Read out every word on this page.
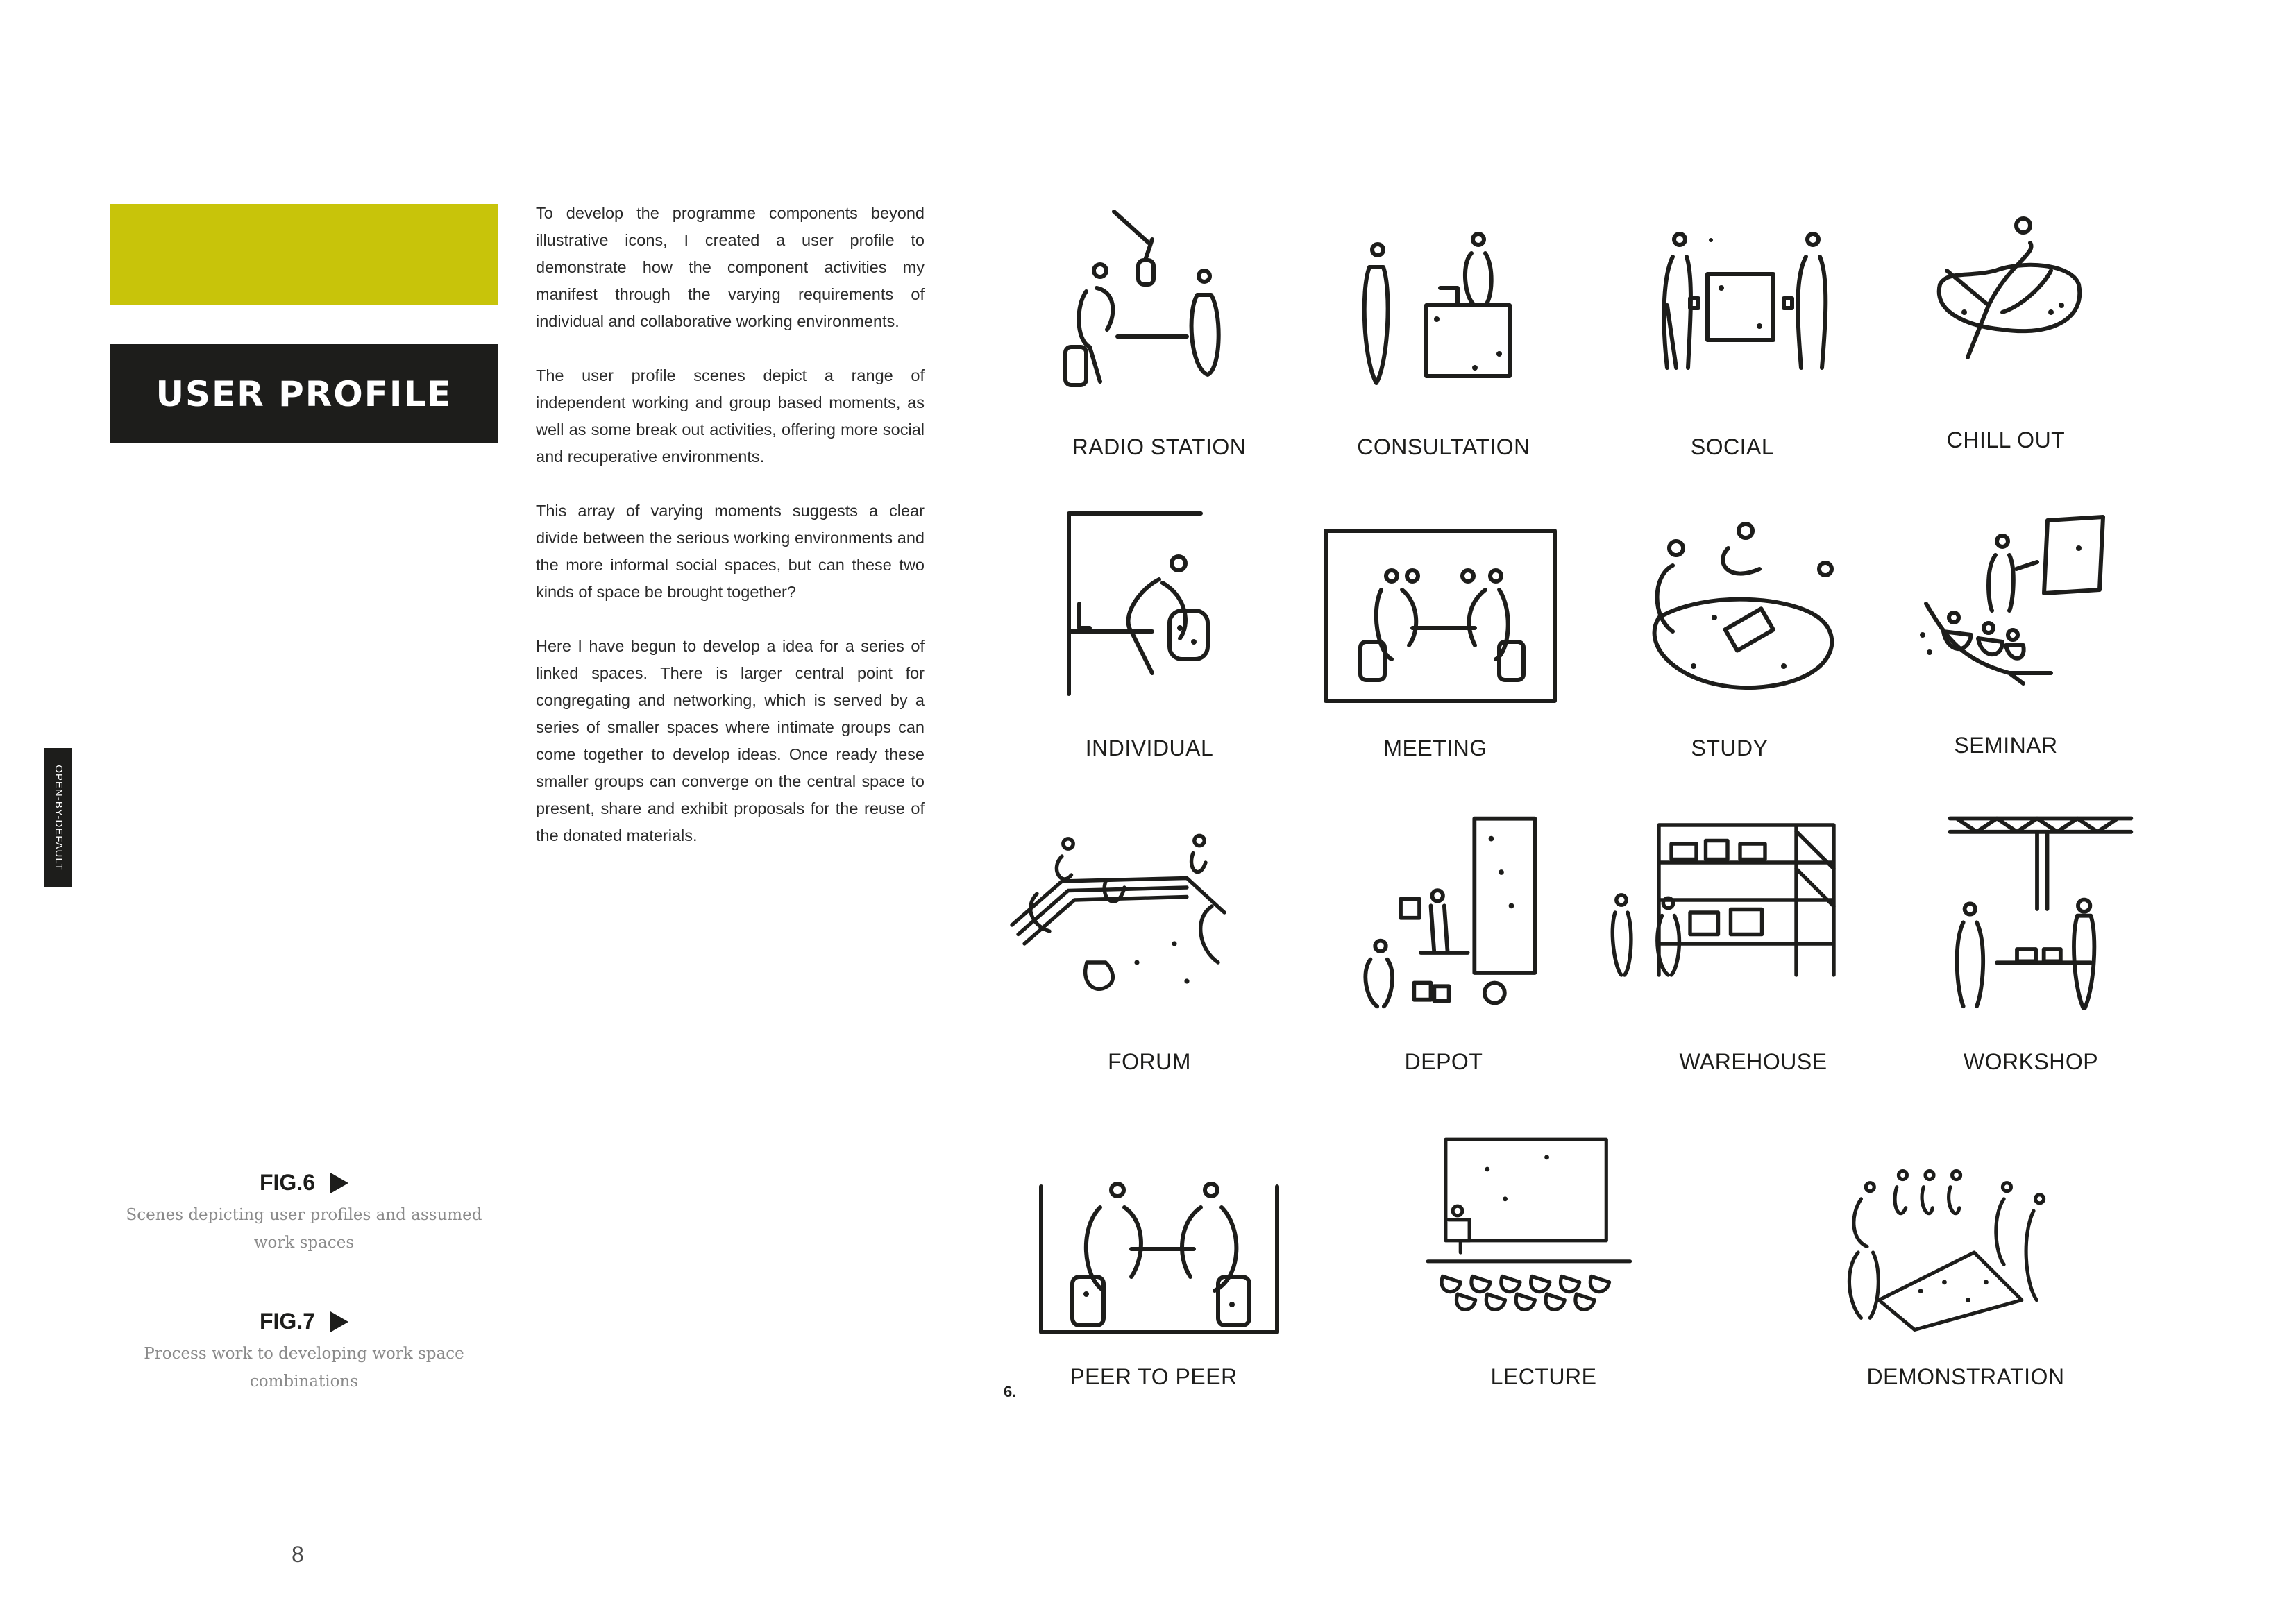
USER PROFILE
OPEN-BY-DEFAULT
FIG.6
Scenes depicting user profiles and assumed work spaces
FIG.7
Process work to developing work space combinations
8

To develop the programme components beyond illustrative icons, I created a user profile to demonstrate how the component activities my manifest through the varying requirements of individual and collaborative working environments.

The user profile scenes depict a range of independent working and group based moments, as well as some break out activities, offering more social and recuperative environments.

This array of varying moments suggests a clear divide between the serious working environments and the more informal social spaces, but can these two kinds of space be brought together?

Here I have begun to develop a idea for a series of linked spaces. There is larger central point for congregating and networking, which is served by a series of smaller spaces where intimate groups can come together to develop ideas. Once ready these smaller groups can converge on the central space to present, share and exhibit proposals for the reuse of the donated materials.

RADIO STATION	CONSULTATION	SOCIAL	CHILL OUT
INDIVIDUAL	MEETING	STUDY	SEMINAR
FORUM	DEPOT	WAREHOUSE	WORKSHOP
PEER TO PEER	LECTURE	DEMONSTRATION
6.
